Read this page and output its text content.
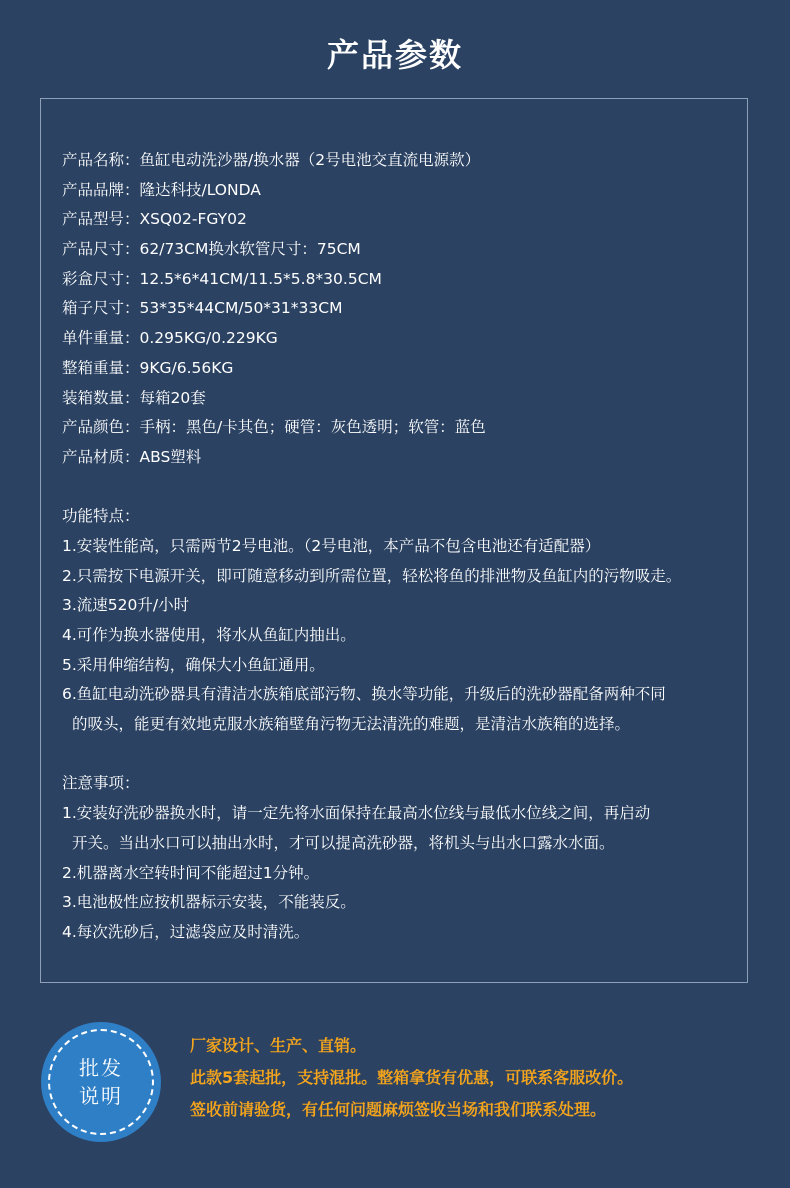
产品参数
产品名称：鱼缸电动洗沙器/换水器（2号电池交直流电源款）
产品品牌：隆达科技/LONDA
产品型号：XSQ02-FGY02
产品尺寸：62/73CM换水软管尺寸：75CM
彩盒尺寸：12.5*6*41CM/11.5*5.8*30.5CM
箱子尺寸：53*35*44CM/50*31*33CM
单件重量：0.295KG/0.229KG
整箱重量：9KG/6.56KG
装箱数量：每箱20套
产品颜色：手柄：黑色/卡其色；硬管：灰色透明；软管：蓝色
产品材质：ABS塑料
功能特点：
1.安装性能高，只需两节2号电池。（2号电池，本产品不包含电池还有适配器）
2.只需按下电源开关，即可随意移动到所需位置，轻松将鱼的排泄物及鱼缸内的污物吸走。
3.流速520升/小时
4.可作为换水器使用，将水从鱼缸内抽出。
5.采用伸缩结构，确保大小鱼缸通用。
6.鱼缸电动洗砂器具有清洁水族箱底部污物、换水等功能，升级后的洗砂器配备两种不同
的吸头，能更有效地克服水族箱壁角污物无法清洗的难题，是清洁水族箱的选择。
注意事项：
1.安装好洗砂器换水时，请一定先将水面保持在最高水位线与最低水位线之间，再启动
开关。当出水口可以抽出水时，才可以提高洗砂器，将机头与出水口露水水面。
2.机器离水空转时间不能超过1分钟。
3.电池极性应按机器标示安装，不能装反。
4.每次洗砂后，过滤袋应及时清洗。
批发
说明
厂家设计、生产、直销。
此款5套起批，支持混批。整箱拿货有优惠，可联系客服改价。
签收前请验货，有任何问题麻烦签收当场和我们联系处理。
